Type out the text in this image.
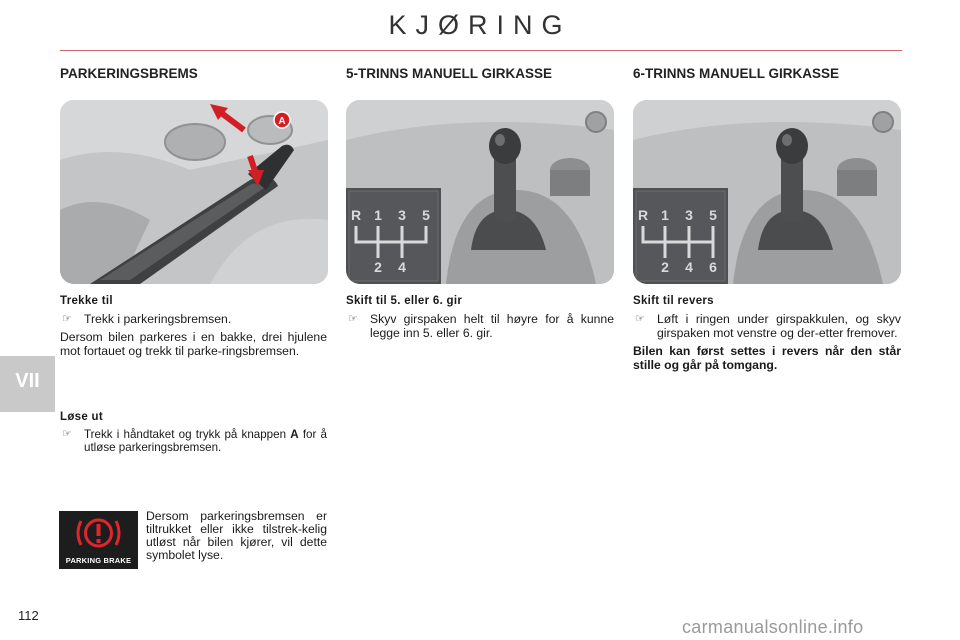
KJØRING
PARKERINGSBREMS	5-TRINNS MANUELL GIRKASSE	6-TRINNS MANUELL GIRKASSE
A
R 1 3 5
2 4
R 1 3 5
2 4 6
Trekke til
☞ Trekk i parkeringsbremsen.
Dersom bilen parkeres i en bakke, drei hjulene mot fortauet og trekk til parke-ringsbremsen.
Løse ut
☞ Trekk i håndtaket og trykk på knappen A for å utløse parkeringsbremsen.
PARKING BRAKE
Dersom parkeringsbremsen er tiltrukket eller ikke tilstrek-kelig utløst når bilen kjører, vil dette symbolet lyse.
Skift til 5. eller 6. gir
☞ Skyv girspaken helt til høyre for å kunne legge inn 5. eller 6. gir.
Skift til revers
☞ Løft i ringen under girspakkulen, og skyv girspaken mot venstre og der-etter fremover.
Bilen kan først settes i revers når den står stille og går på tomgang.
VII
112
carmanualsonline.info
